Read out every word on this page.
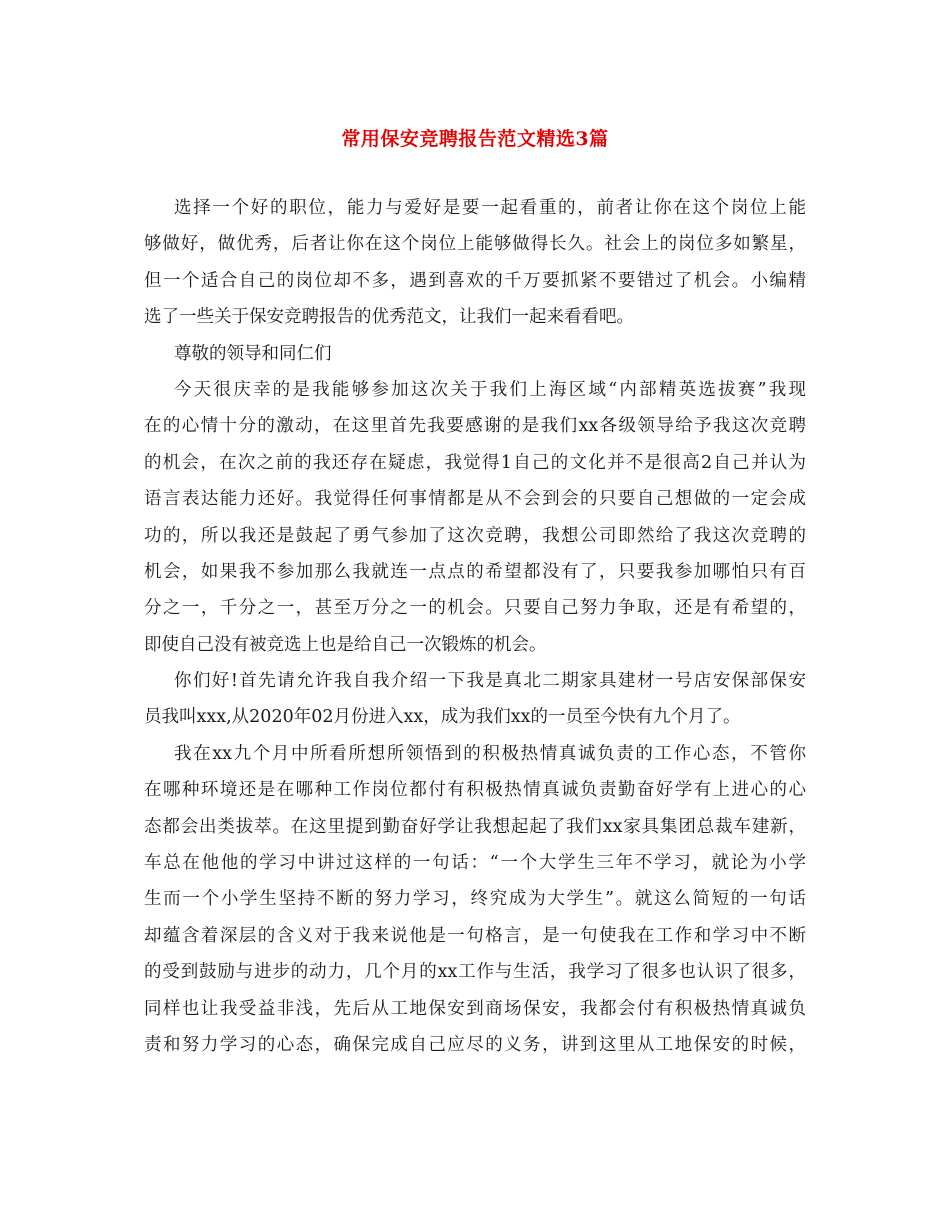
常用保安竞聘报告范文精选3篇
选择一个好的职位，能力与爱好是要一起看重的，前者让你在这个岗位上能
够做好，做优秀，后者让你在这个岗位上能够做得长久。社会上的岗位多如繁星，
但一个适合自己的岗位却不多，遇到喜欢的千万要抓紧不要错过了机会。小编精
选了一些关于保安竞聘报告的优秀范文，让我们一起来看看吧。
尊敬的领导和同仁们
今天很庆幸的是我能够参加这次关于我们上海区域“内部精英选拔赛”我现
在的心情十分的激动，在这里首先我要感谢的是我们xx各级领导给予我这次竞聘
的机会，在次之前的我还存在疑虑，我觉得1自己的文化并不是很高2自己并认为
语言表达能力还好。我觉得任何事情都是从不会到会的只要自己想做的一定会成
功的，所以我还是鼓起了勇气参加了这次竞聘，我想公司即然给了我这次竞聘的
机会，如果我不参加那么我就连一点点的希望都没有了，只要我参加哪怕只有百
分之一，千分之一，甚至万分之一的机会。只要自己努力争取，还是有希望的，
即使自己没有被竞选上也是给自己一次锻炼的机会。
你们好!首先请允许我自我介绍一下我是真北二期家具建材一号店安保部保安
员我叫xxx,从2020年02月份进入xx，成为我们xx的一员至今快有九个月了。
我在xx九个月中所看所想所领悟到的积极热情真诚负责的工作心态，不管你
在哪种环境还是在哪种工作岗位都付有积极热情真诚负责勤奋好学有上进心的心
态都会出类拔萃。在这里提到勤奋好学让我想起起了我们xx家具集团总裁车建新，
车总在他他的学习中讲过这样的一句话：“一个大学生三年不学习，就论为小学
生而一个小学生坚持不断的努力学习，终究成为大学生”。就这么简短的一句话
却蕴含着深层的含义对于我来说他是一句格言，是一句使我在工作和学习中不断
的受到鼓励与进步的动力，几个月的xx工作与生活，我学习了很多也认识了很多，
同样也让我受益非浅，先后从工地保安到商场保安，我都会付有积极热情真诚负
责和努力学习的心态，确保完成自己应尽的义务，讲到这里从工地保安的时候，
